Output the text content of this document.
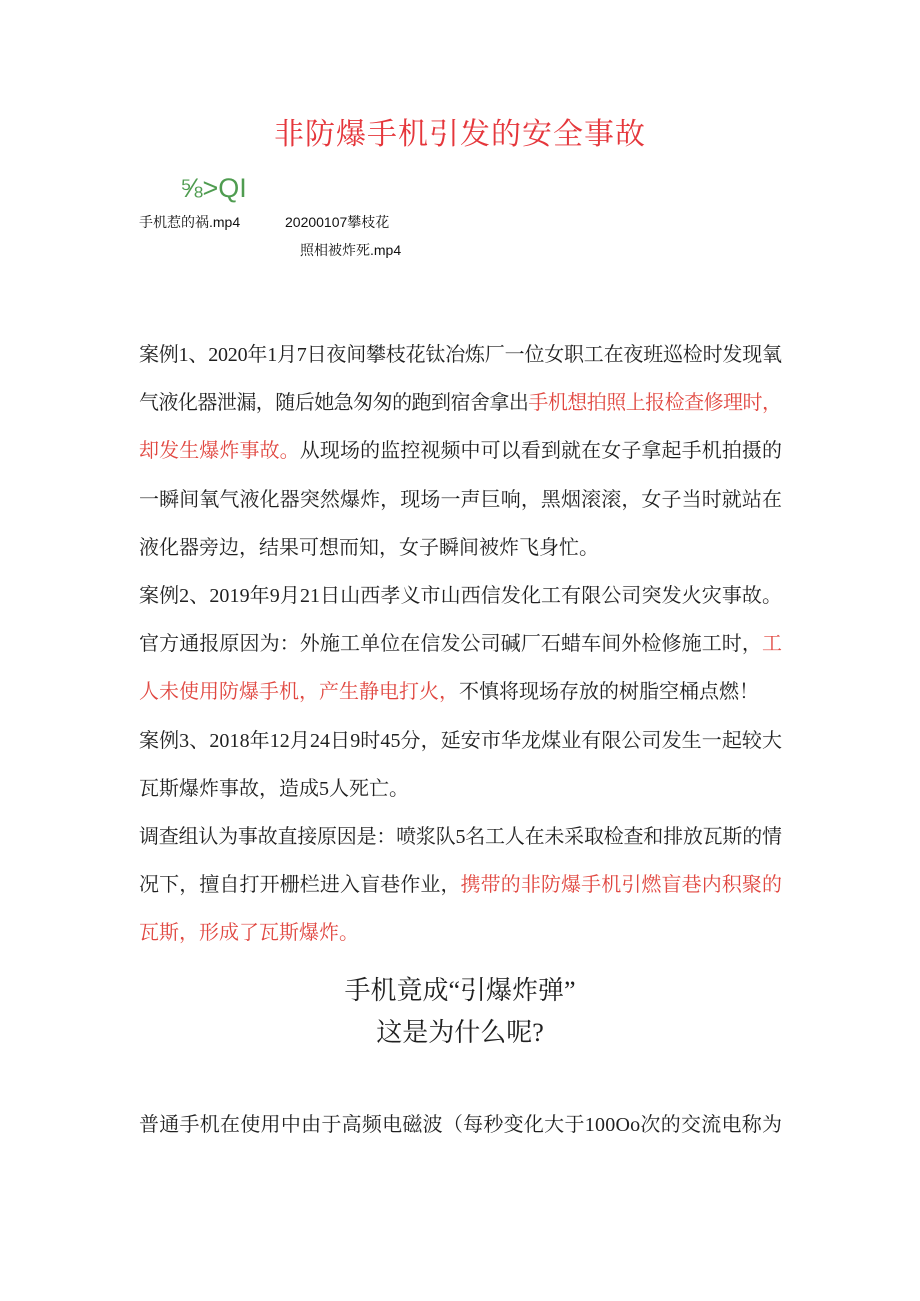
非防爆手机引发的安全事故
⅝>QI
手机惹的祸.mp4	20200107攀枝花
照相被炸死.mp4
案例1、2020年1月7日夜间攀枝花钛冶炼厂一位女职工在夜班巡检时发现氧
气液化器泄漏，随后她急匆匆的跑到宿舍拿出手机想拍照上报检查修理时，
却发生爆炸事故。从现场的监控视频中可以看到就在女子拿起手机拍摄的
一瞬间氧气液化器突然爆炸，现场一声巨响，黑烟滚滚，女子当时就站在
液化器旁边，结果可想而知，女子瞬间被炸飞身忙。
案例2、2019年9月21日山西孝义市山西信发化工有限公司突发火灾事故。
官方通报原因为：外施工单位在信发公司碱厂石蜡车间外检修施工时，工
人未使用防爆手机，产生静电打火，不慎将现场存放的树脂空桶点燃！
案例3、2018年12月24日9时45分，延安市华龙煤业有限公司发生一起较大
瓦斯爆炸事故，造成5人死亡。
调查组认为事故直接原因是：喷浆队5名工人在未采取检查和排放瓦斯的情
况下，擅自打开栅栏进入盲巷作业，携带的非防爆手机引燃盲巷内积聚的
瓦斯，形成了瓦斯爆炸。
手机竟成“引爆炸弹”
这是为什么呢?
普通手机在使用中由于高频电磁波（每秒变化大于100Oo次的交流电称为
